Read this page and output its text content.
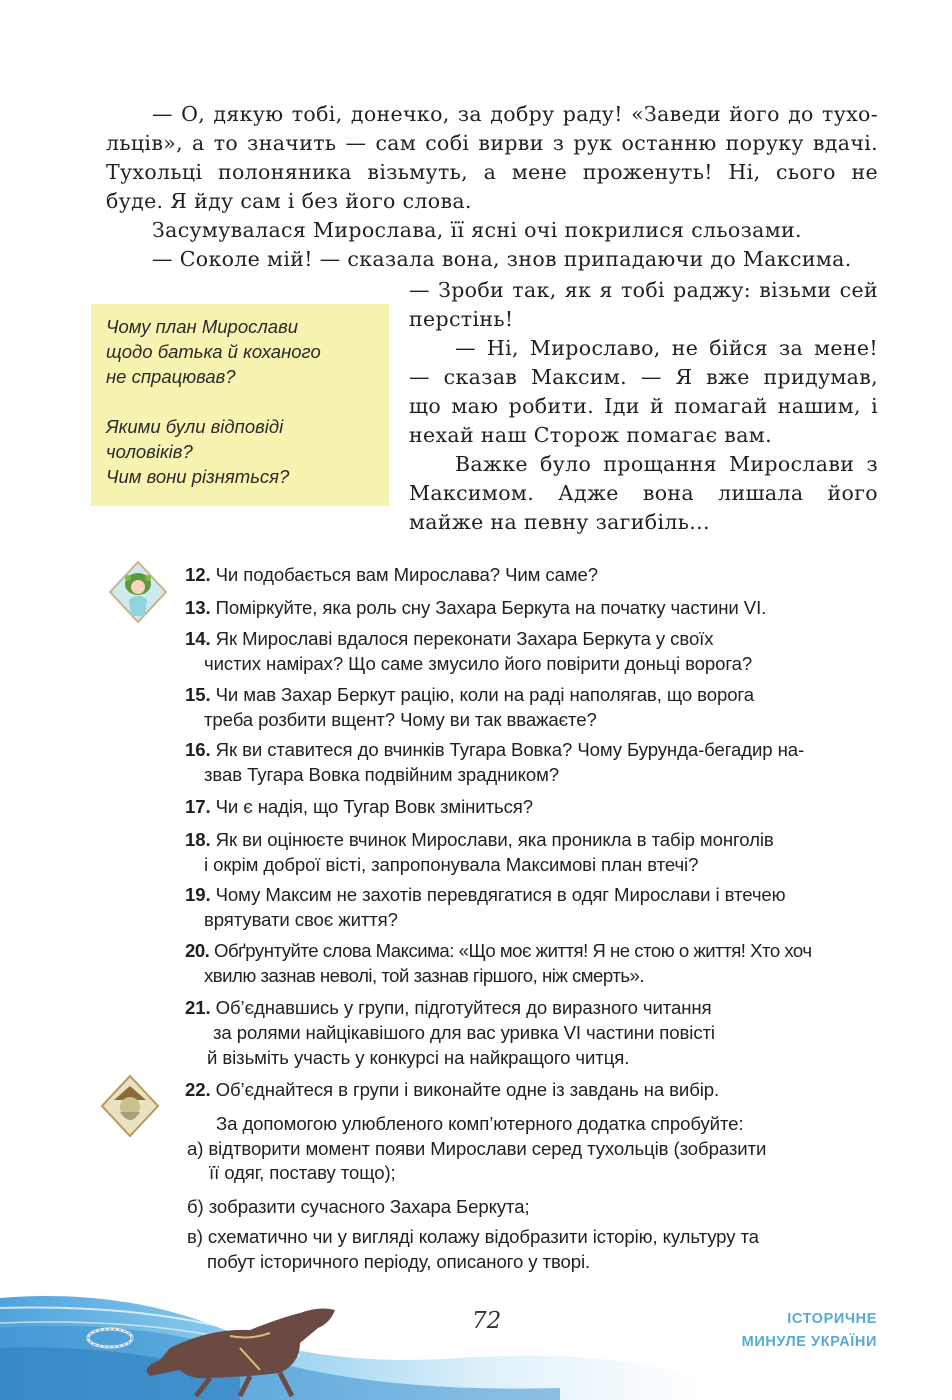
— О, дякую тобі, донечко, за добру раду! «Заведи його до тухо-

льців», а то значить — сам собі вирви з рук останню поруку вдачі.

Тухольці полоняника візьмуть, а мене проженуть! Ні, сього не

буде. Я йду сам і без його слова.

Засумувалася Мирослава, її ясні очі покрилися сльозами.

— Соколе мій! — сказала вона, знов припадаючи до Максима.

— Зроби так, як я тобі раджу: візьми сей

перстінь!

— Ні, Мирославо, не бійся за мене!

— сказав Максим. — Я вже придумав,

що маю робити. Іди й помагай нашим, і

нехай наш Сторож помагає вам.

Важке було прощання Мирослави з

Максимом. Адже вона лишала його

майже на певну загибіль...

Чому план Мирослави
щодо батька й коханого
не спрацював?
Якими були відповіді
чоловіків?
Чим вони різняться?
12. Чи подобається вам Мирослава? Чим саме?
13. Поміркуйте, яка роль сну Захара Беркута на початку частини VI.
14. Як Мирославі вдалося переконати Захара Беркута у своїх
чистих намірах? Що саме змусило його повірити доньці ворога?
15. Чи мав Захар Беркут рацію, коли на раді наполягав, що ворога
треба розбити вщент? Чому ви так вважаєте?
16. Як ви ставитеся до вчинків Тугара Вовка? Чому Бурунда-бегадир на-
звав Тугара Вовка подвійним зрадником?
17. Чи є надія, що Тугар Вовк зміниться?
18. Як ви оцінюєте вчинок Мирослави, яка проникла в табір монголів
і окрім доброї вісті, запропонувала Максимові план втечі?
19. Чому Максим не захотів перевдягатися в одяг Мирослави і втечею
врятувати своє життя?
20. Обґрунтуйте слова Максима: «Що моє життя! Я не стою о життя! Хто хоч
хвилю зазнав неволі, той зазнав гіршого, ніж смерть».
21. Об’єднавшись у групи, підготуйтеся до виразного читання
за ролями найцікавішого для вас уривка VI частини повісті
й візьміть участь у конкурсі на найкращого читця.
22. Об’єднайтеся в групи і виконайте одне із завдань на вибір.
За допомогою улюбленого комп’ютерного додатка спробуйте:
а) відтворити момент появи Мирослави серед тухольців (зобразити
її одяг, поставу тощо);
б) зобразити сучасного Захара Беркута;
в) схематично чи у вигляді колажу відобразити історію, культуру та
побут історичного періоду, описаного у творі.
72	ІСТОРИЧНЕ
МИНУЛЕ УКРАЇНИ
